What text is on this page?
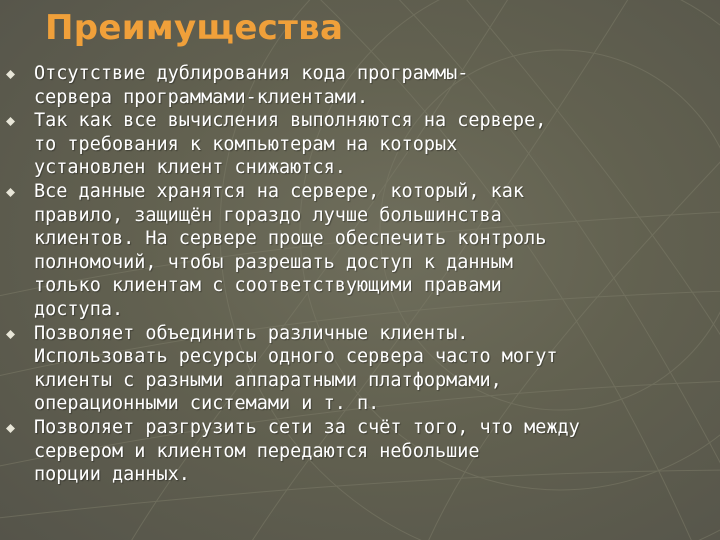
Преимущества
Отсутствие дублирования кода программы-
сервера программами-клиентами.
Так как все вычисления выполняются на сервере,
то требования к компьютерам на которых
установлен клиент снижаются.
Все данные хранятся на сервере, который, как
правило, защищён гораздо лучше большинства
клиентов. На сервере проще обеспечить контроль
полномочий, чтобы разрешать доступ к данным
только клиентам с соответствующими правами
доступа.
Позволяет объединить различные клиенты.
Использовать ресурсы одного сервера часто могут
клиенты с разными аппаратными платформами,
операционными системами и т. п.
Позволяет разгрузить сети за счёт того, что между
сервером и клиентом передаются небольшие
порции данных.
